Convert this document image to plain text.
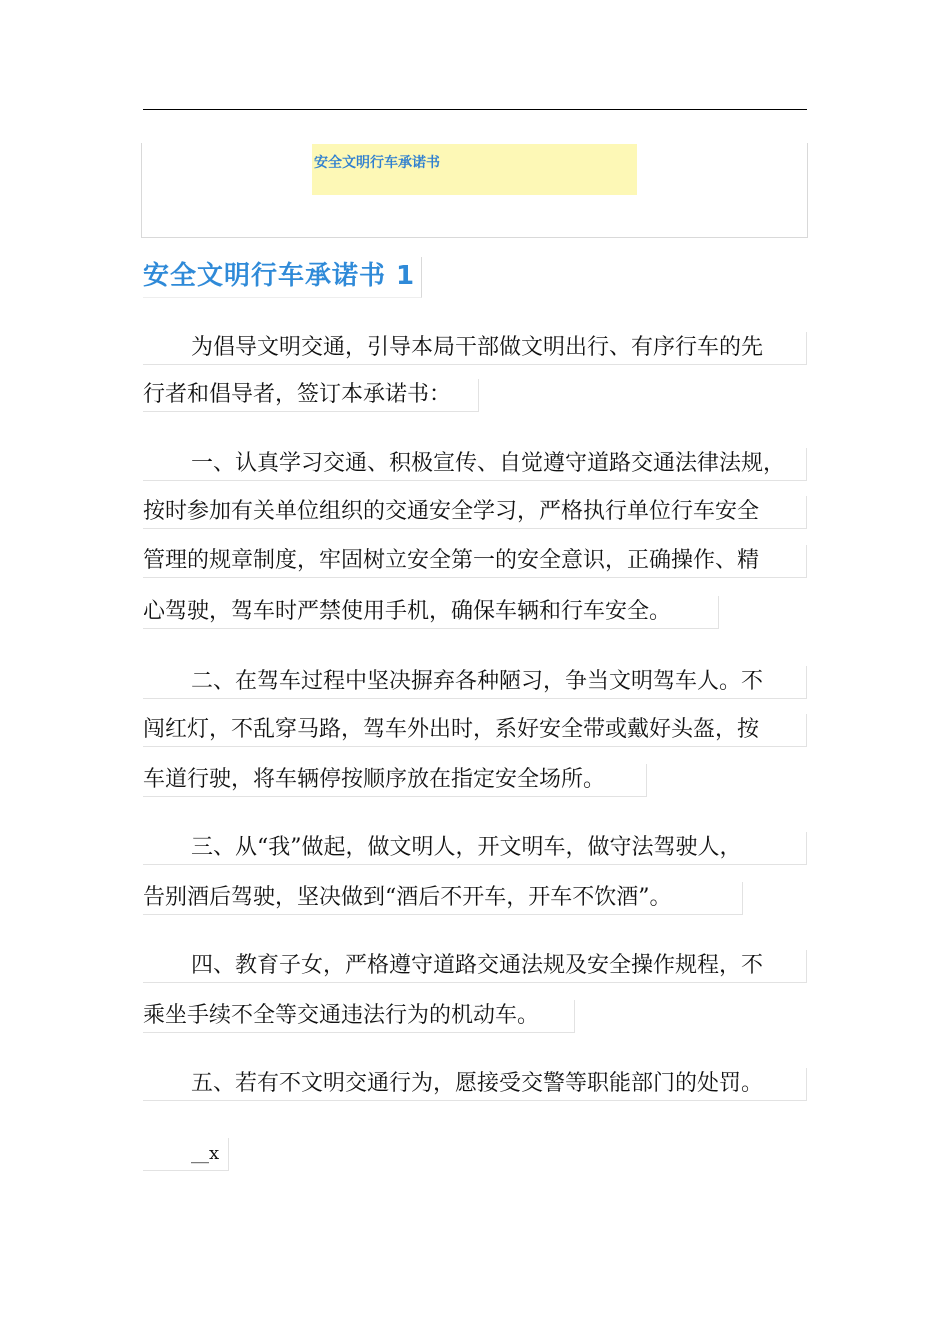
安全文明行车承诺书
安全文明行车承诺书 1
为倡导文明交通，引导本局干部做文明出行、有序行车的先
行者和倡导者，签订本承诺书：
一、认真学习交通、积极宣传、自觉遵守道路交通法律法规，
按时参加有关单位组织的交通安全学习，严格执行单位行车安全
管理的规章制度，牢固树立安全第一的安全意识，正确操作、精
心驾驶，驾车时严禁使用手机，确保车辆和行车安全。
二、在驾车过程中坚决摒弃各种陋习，争当文明驾车人。不
闯红灯，不乱穿马路，驾车外出时，系好安全带或戴好头盔，按
车道行驶，将车辆停按顺序放在指定安全场所。
三、从“我”做起，做文明人，开文明车，做守法驾驶人，
告别酒后驾驶，坚决做到“酒后不开车，开车不饮酒”。
四、教育子女，严格遵守道路交通法规及安全操作规程，不
乘坐手续不全等交通违法行为的机动车。
五、若有不文明交通行为，愿接受交警等职能部门的处罚。
__x
